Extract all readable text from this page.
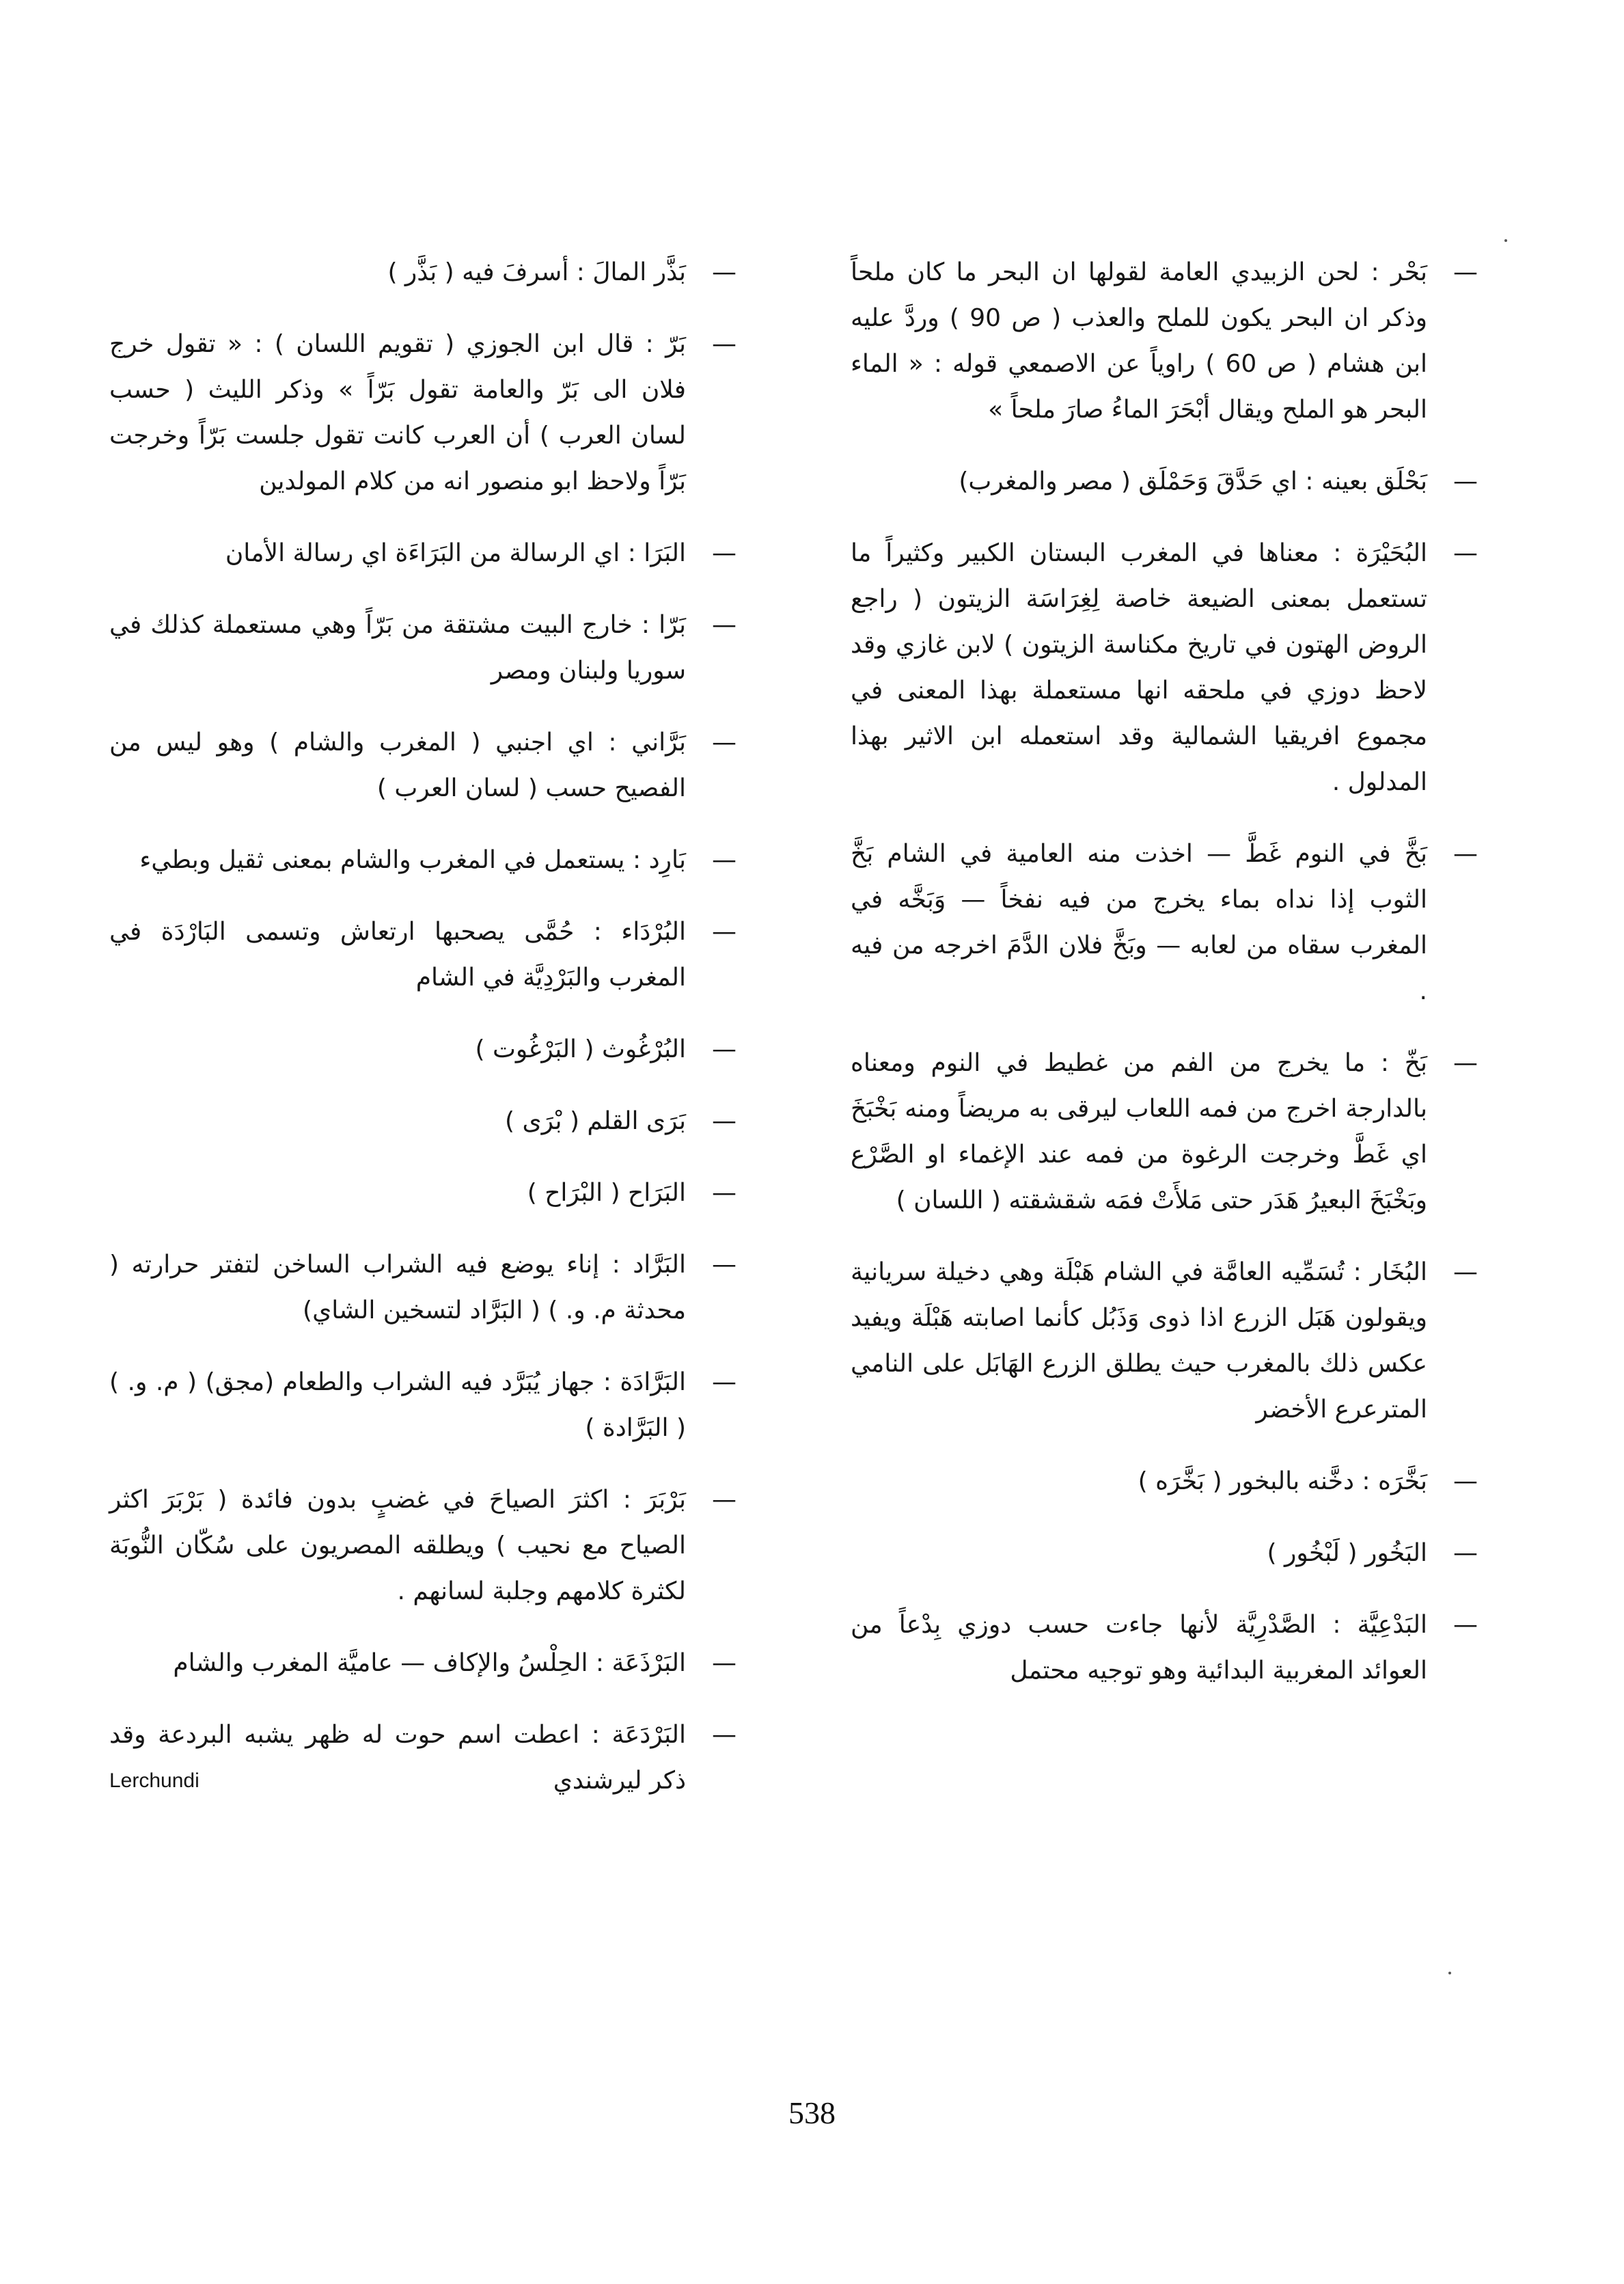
—
بَحْر : لحن الزبيدي العامة لقولها ان البحر ما كان ملحاً وذكر ان البحر يكون للملح والعذب ( ص 90 ) وردَّ عليه ابن هشام ( ص 60 ) راوياً عن الاصمعي قوله : « الماء البحر هو الملح ويقال أبْحَرَ الماءُ صارَ ملحاً »
—
بَحْلَق بعينه : اي حَدَّقَ وَحَمْلَق ( مصر والمغرب)
—
البُحَيْرَة : معناها في المغرب البستان الكبير وكثيراً ما تستعمل بمعنى الضيعة خاصة لِغِرَاسَة الزيتون ( راجع الروض الهتون في تاريخ مكناسة الزيتون ) لابن غازي وقد لاحظ دوزي في ملحقه انها مستعملة بهذا المعنى في مجموع افريقيا الشمالية وقد استعمله ابن الاثير بهذا المدلول .
—
بَخَّ في النوم غَطَّ — اخذت منه العامية في الشام بَخَّ الثوب إذا نداه بماء يخرج من فيه نفخاً — وَبَخَّه في المغرب سقاه من لعابه — وبَخَّ فلان الدَّمَ اخرجه من فيه .
—
بَخّ : ما يخرج من الفم من غطيط في النوم ومعناه بالدارجة اخرج من فمه اللعاب ليرقى به مريضاً ومنه بَخْبَخَ اي غَطَّ وخرجت الرغوة من فمه عند الإغماء او الصَّرْع وبَخْبَخَ البعيرُ هَدَر حتى مَلأَتْ فمَه شقشقته ( اللسان )
—
البُخَار : تُسَمِّيه العامَّة في الشام هَبْلَة وهي دخيلة سريانية ويقولون هَبَل الزرع اذا ذوى وَذَبُل كأنما اصابته هَبْلَة ويفيد عكس ذلك بالمغرب حيث يطلق الزرع الهَابَل على النامي المترعرع الأخضر
—
بَخَّرَه : دخَّنه بالبخور ( بَخَّرَه )
—
البَخُور ( لَبْخُور )
—
البَدْعِيَّة : الصَّدْرِيَّة لأنها جاءت حسب دوزي بِدْعاً من العوائد المغربية البدائية وهو توجيه محتمل
—
بَذَّر المالَ : أسرفَ فيه ( بَذَّر )
—
بَرّ : قال ابن الجوزي ( تقويم اللسان ) : « تقول خرج فلان الى بَرّ والعامة تقول بَرّاً » وذكر الليث ( حسب لسان العرب ) أن العرب كانت تقول جلست بَرّاً وخرجت بَرّاً ولاحظ ابو منصور انه من كلام المولدين
—
البَرَا : اي الرسالة من البَرَاءَة اي رسالة الأمان
—
بَرّا : خارج البيت مشتقة من بَرّاً وهي مستعملة كذلك في سوريا ولبنان ومصر
—
بَرَّاني : اي اجنبي ( المغرب والشام ) وهو ليس من الفصيح حسب ( لسان العرب )
—
بَارِد : يستعمل في المغرب والشام بمعنى ثقيل وبطيء
—
البُرْدَاء : حُمَّى يصحبها ارتعاش وتسمى البَارْدَة في المغرب والبَرْدِيَّة في الشام
—
البُرْغُوث ( البَرْغُوت )
—
بَرَى القلم ( بْرَى )
—
البَرَاح ( البْرَاح )
—
البَرَّاد : إناء يوضع فيه الشراب الساخن لتفتر حرارته ( محدثة م. و. ) ( البَرَّاد لتسخين الشاي)
—
البَرَّادَة : جهاز يُبَرَّد فيه الشراب والطعام (مجق) ( م. و. ) ( البَرَّادة )
—
بَرْبَرَ : اكثرَ الصياحَ في غضبٍ بدون فائدة ( بَرْبَرَ اكثر الصياح مع نحيب ) ويطلقه المصريون على سُكّان النُّوبَة لكثرة كلامهم وجلبة لسانهم .
—
البَرْذَعَة : الحِلْسُ والإكاف — عاميَّة المغرب والشام
—
البَرْدَعَة : اعطت اسم حوت له ظهر يشبه البردعة وقد ذكر ليرشندي
Lerchundi
538
